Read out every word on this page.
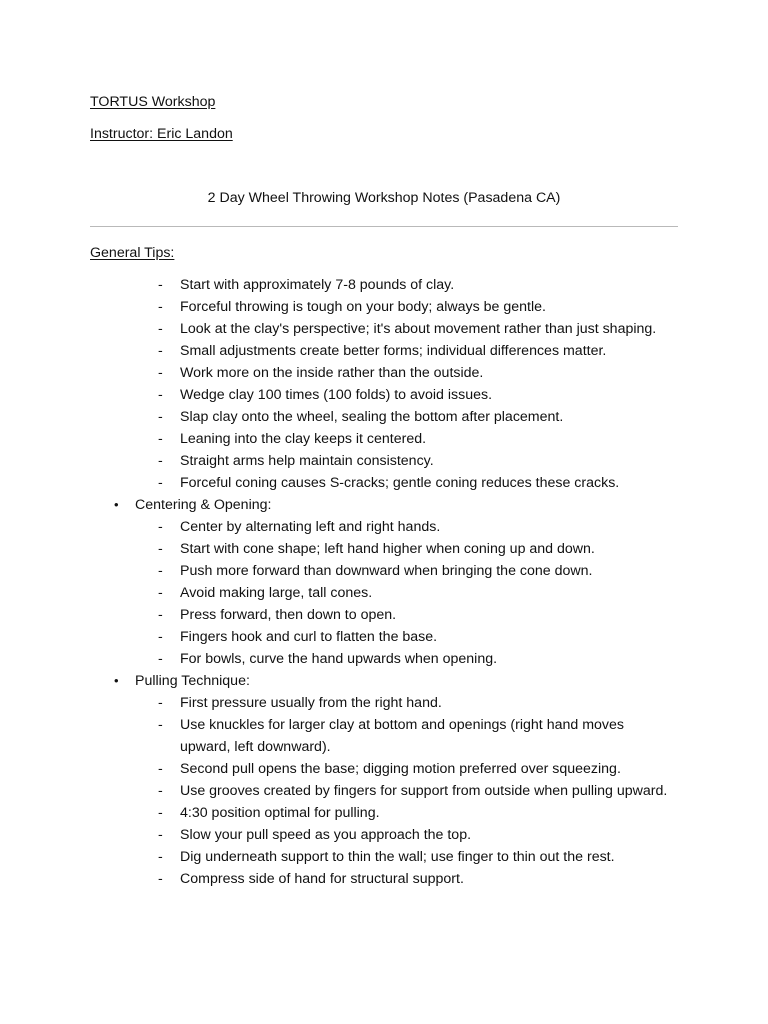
TORTUS Workshop
Instructor: Eric Landon
2 Day Wheel Throwing Workshop Notes (Pasadena CA)
General Tips:
- Start with approximately 7-8 pounds of clay.
- Forceful throwing is tough on your body; always be gentle.
- Look at the clay's perspective; it's about movement rather than just shaping.
- Small adjustments create better forms; individual differences matter.
- Work more on the inside rather than the outside.
- Wedge clay 100 times (100 folds) to avoid issues.
- Slap clay onto the wheel, sealing the bottom after placement.
- Leaning into the clay keeps it centered.
- Straight arms help maintain consistency.
- Forceful coning causes S-cracks; gentle coning reduces these cracks.
• Centering & Opening:
- Center by alternating left and right hands.
- Start with cone shape; left hand higher when coning up and down.
- Push more forward than downward when bringing the cone down.
- Avoid making large, tall cones.
- Press forward, then down to open.
- Fingers hook and curl to flatten the base.
- For bowls, curve the hand upwards when opening.
• Pulling Technique:
- First pressure usually from the right hand.
- Use knuckles for larger clay at bottom and openings (right hand moves upward, left downward).
- Second pull opens the base; digging motion preferred over squeezing.
- Use grooves created by fingers for support from outside when pulling upward.
- 4:30 position optimal for pulling.
- Slow your pull speed as you approach the top.
- Dig underneath support to thin the wall; use finger to thin out the rest.
- Compress side of hand for structural support.
